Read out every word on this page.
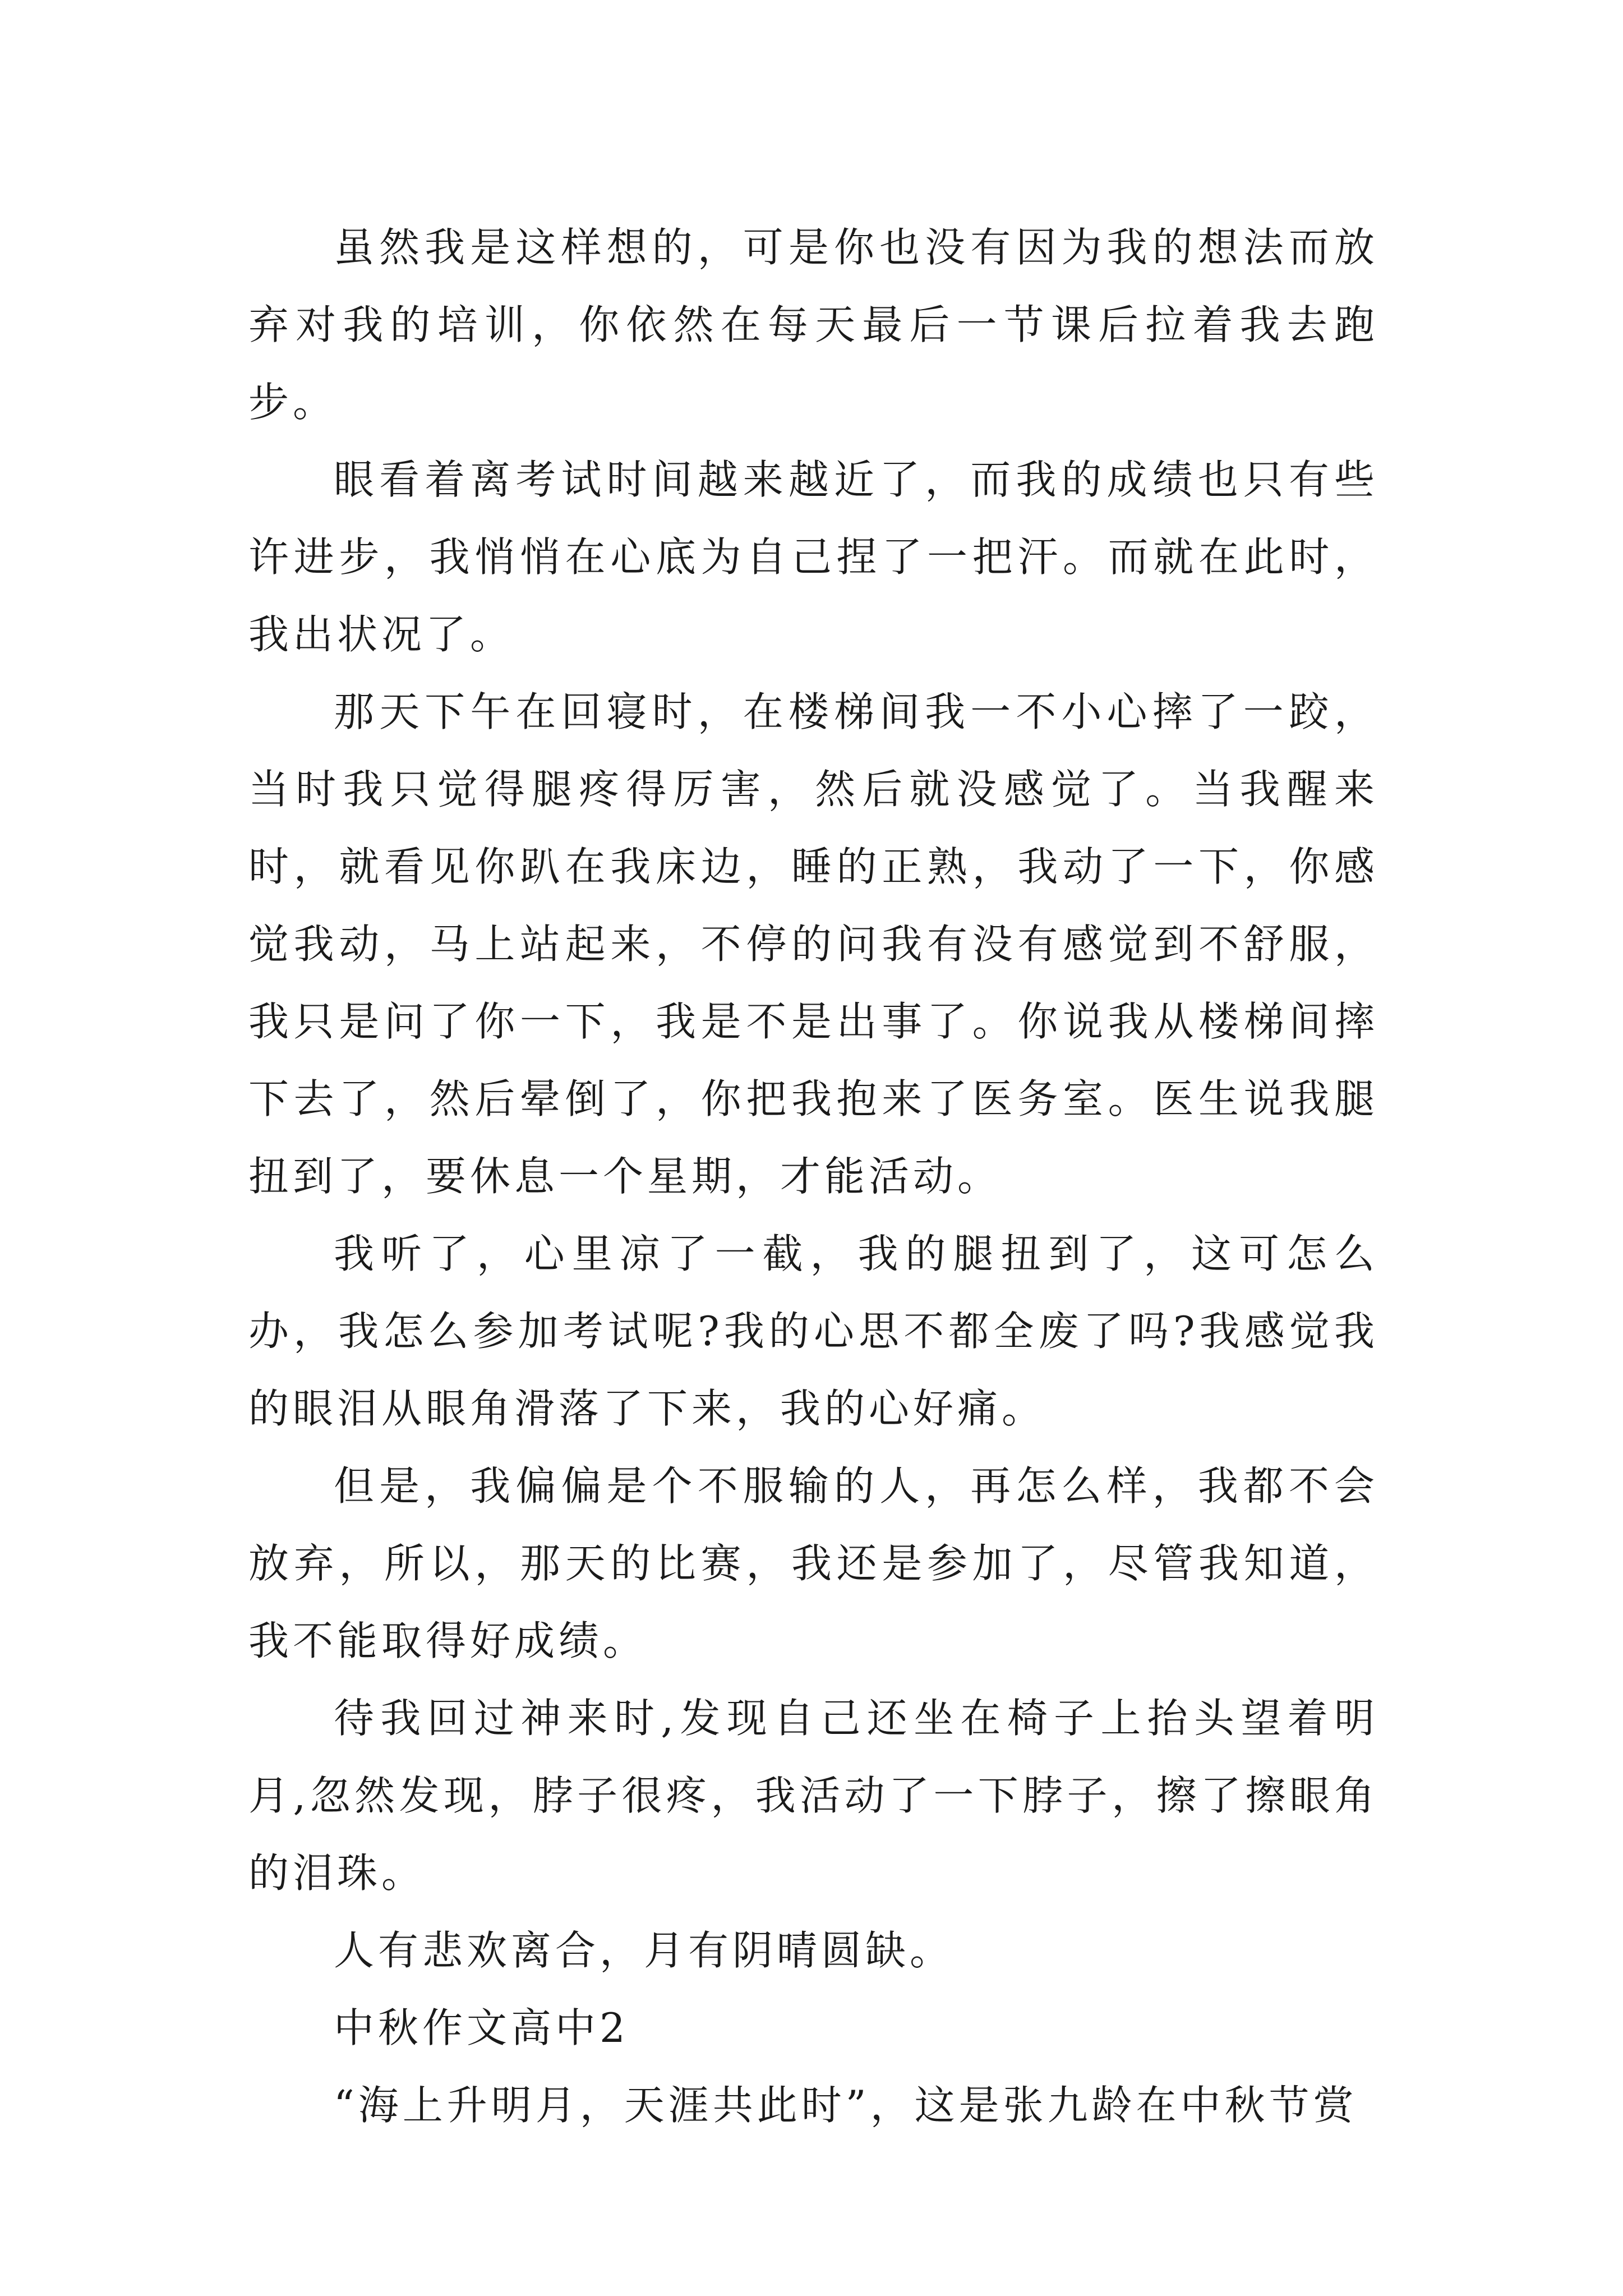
虽然我是这样想的，可是你也没有因为我的想法而放弃对我的培训，你依然在每天最后一节课后拉着我去跑步。

眼看着离考试时间越来越近了，而我的成绩也只有些许进步，我悄悄在心底为自己捏了一把汗。而就在此时，我出状况了。

那天下午在回寝时，在楼梯间我一不小心摔了一跤，当时我只觉得腿疼得厉害，然后就没感觉了。当我醒来时，就看见你趴在我床边，睡的正熟，我动了一下，你感觉我动，马上站起来，不停的问我有没有感觉到不舒服，我只是问了你一下，我是不是出事了。你说我从楼梯间摔下去了，然后晕倒了，你把我抱来了医务室。医生说我腿扭到了，要休息一个星期，才能活动。

我听了，心里凉了一截，我的腿扭到了，这可怎么办，我怎么参加考试呢?我的心思不都全废了吗?我感觉我的眼泪从眼角滑落了下来，我的心好痛。

但是，我偏偏是个不服输的人，再怎么样，我都不会放弃，所以，那天的比赛，我还是参加了，尽管我知道，我不能取得好成绩。

待我回过神来时,发现自己还坐在椅子上抬头望着明月,忽然发现，脖子很疼，我活动了一下脖子，擦了擦眼角的泪珠。

人有悲欢离合，月有阴晴圆缺。

中秋作文高中2

“海上升明月，天涯共此时”，这是张九龄在中秋节赏
